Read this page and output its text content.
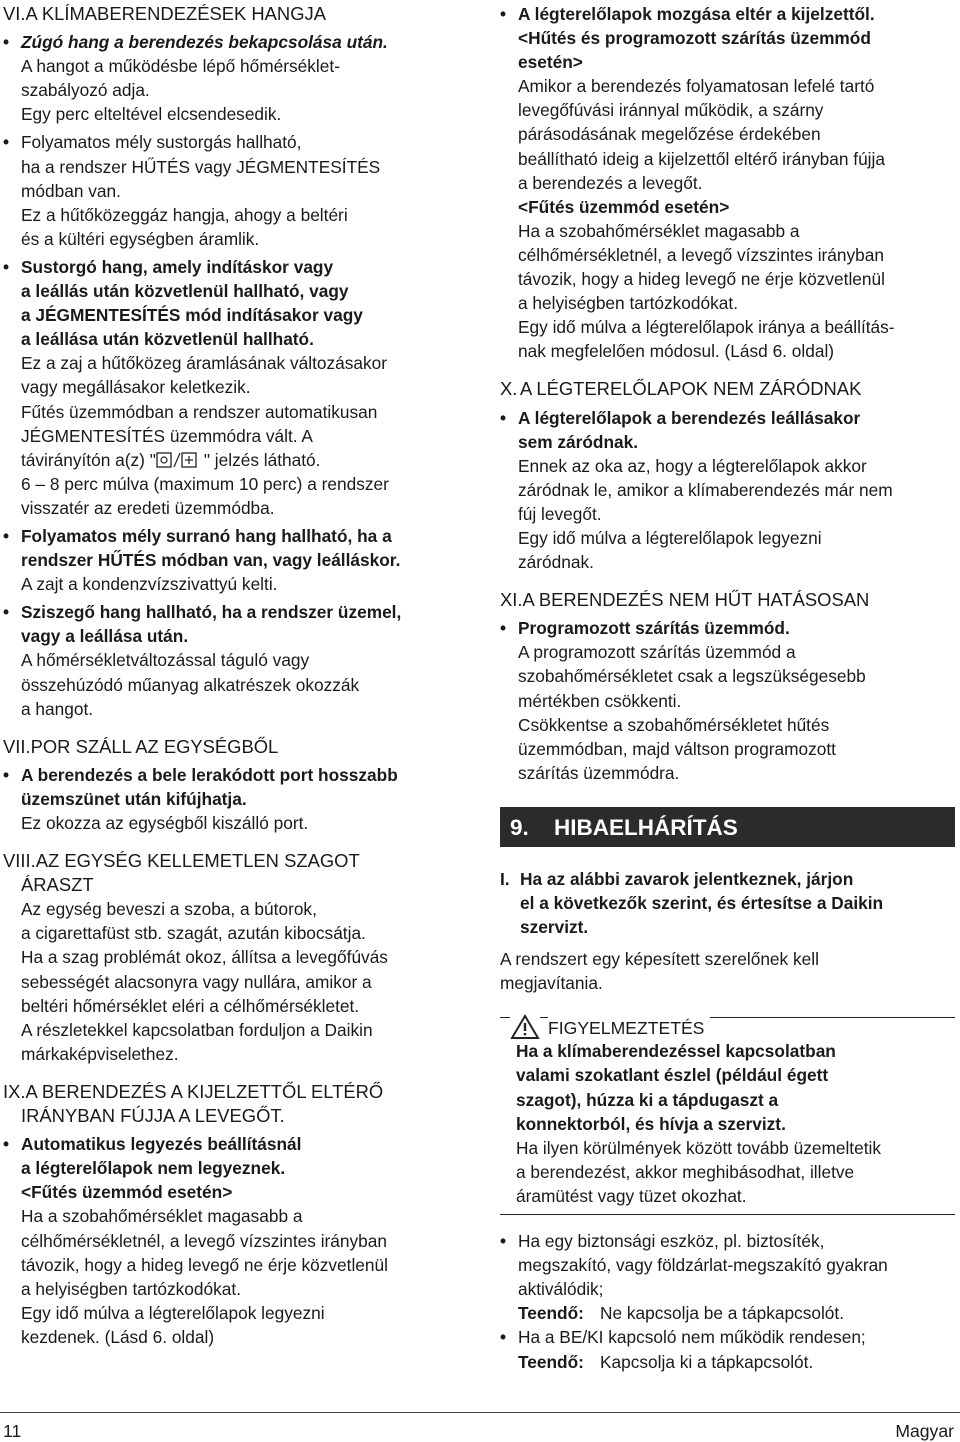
VI. A KLÍMABERENDEZÉSEK HANGJA
• Zúgó hang a berendezés bekapcsolása után.
A hangot a működésbe lépő hőmérséklet-
szabályozó adja.
Egy perc elteltével elcsendesedik.
• Folyamatos mély sustorgás hallható,
ha a rendszer HŰTÉS vagy JÉGMENTESÍTÉS
módban van.
Ez a hűtőközeggáz hangja, ahogy a beltéri
és a kültéri egységben áramlik.
• Sustorgó hang, amely indításkor vagy
a leállás után közvetlenül hallható, vagy
a JÉGMENTESÍTÉS mód indításakor vagy
a leállása után közvetlenül hallható.
Ez a zaj a hűtőközeg áramlásának változásakor
vagy megállásakor keletkezik.
Fűtés üzemmódban a rendszer automatikusan
JÉGMENTESÍTÉS üzemmódra vált. A
távirányítón a(z) "	" jelzés látható.
6 – 8 perc múlva (maximum 10 perc) a rendszer
visszatér az eredeti üzemmódba.
• Folyamatos mély surranó hang hallható, ha a
rendszer HŰTÉS módban van, vagy leálláskor.
A zajt a kondenzvízszivattyú kelti.
• Sziszegő hang hallható, ha a rendszer üzemel,
vagy a leállása után.
A hőmérsékletváltozással táguló vagy
összehúzódó műanyag alkatrészek okozzák
a hangot.
VII. POR SZÁLL AZ EGYSÉGBŐL
• A berendezés a bele lerakódott port hosszabb
üzemszünet után kifújhatja.
Ez okozza az egységből kiszálló port.
VIII. AZ EGYSÉG KELLEMETLEN SZAGOT
ÁRASZT
Az egység beveszi a szoba, a bútorok,
a cigarettafüst stb. szagát, azután kibocsátja.
Ha a szag problémát okoz, állítsa a levegőfúvás
sebességét alacsonyra vagy nullára, amikor a
beltéri hőmérséklet eléri a célhőmérsékletet.
A részletekkel kapcsolatban forduljon a Daikin
márkaképviselethez.
IX. A BERENDEZÉS A KIJELZETTŐL ELTÉRŐ
IRÁNYBAN FÚJJA A LEVEGŐT.
• Automatikus legyezés beállításnál
a légterelőlapok nem legyeznek.
<Fűtés üzemmód esetén>
Ha a szobahőmérséklet magasabb a
célhőmérsékletnél, a levegő vízszintes irányban
távozik, hogy a hideg levegő ne érje közvetlenül
a helyiségben tartózkodókat.
Egy idő múlva a légterelőlapok legyezni
kezdenek. (Lásd 6. oldal)
• A légterelőlapok mozgása eltér a kijelzettől.
<Hűtés és programozott szárítás üzemmód
esetén>
Amikor a berendezés folyamatosan lefelé tartó
levegőfúvási iránnyal működik, a szárny
párásodásának megelőzése érdekében
beállítható ideig a kijelzettől eltérő irányban fújja
a berendezés a levegőt.
<Fűtés üzemmód esetén>
Ha a szobahőmérséklet magasabb a
célhőmérsékletnél, a levegő vízszintes irányban
távozik, hogy a hideg levegő ne érje közvetlenül
a helyiségben tartózkodókat.
Egy idő múlva a légterelőlapok iránya a beállítás-
nak megfelelően módosul. (Lásd 6. oldal)
X. A LÉGTERELŐLAPOK NEM ZÁRÓDNAK
• A légterelőlapok a berendezés leállásakor
sem záródnak.
Ennek az oka az, hogy a légterelőlapok akkor
záródnak le, amikor a klímaberendezés már nem
fúj levegőt.
Egy idő múlva a légterelőlapok legyezni
záródnak.
XI. A BERENDEZÉS NEM HŰT HATÁSOSAN
• Programozott szárítás üzemmód.
A programozott szárítás üzemmód a
szobahőmérsékletet csak a legszükségesebb
mértékben csökkenti.
Csökkentse a szobahőmérsékletet hűtés
üzemmódban, majd váltson programozott
szárítás üzemmódra.
9.	HIBAELHÁRÍTÁS
I. Ha az alábbi zavarok jelentkeznek, járjon
el a következők szerint, és értesítse a Daikin
szervizt.
A rendszert egy képesített szerelőnek kell
megjavítania.
FIGYELMEZTETÉS
Ha a klímaberendezéssel kapcsolatban
valami szokatlant észlel (például égett
szagot), húzza ki a tápdugaszt a
konnektorból, és hívja a szervizt.
Ha ilyen körülmények között tovább üzemeltetik
a berendezést, akkor meghibásodhat, illetve
áramütést vagy tüzet okozhat.
• Ha egy biztonsági eszköz, pl. biztosíték,
megszakító, vagy földzárlat-megszakító gyakran
aktiválódik;
Teendő: Ne kapcsolja be a tápkapcsolót.
• Ha a BE/KI kapcsoló nem működik rendesen;
Teendő: Kapcsolja ki a tápkapcsolót.
11	Magyar
